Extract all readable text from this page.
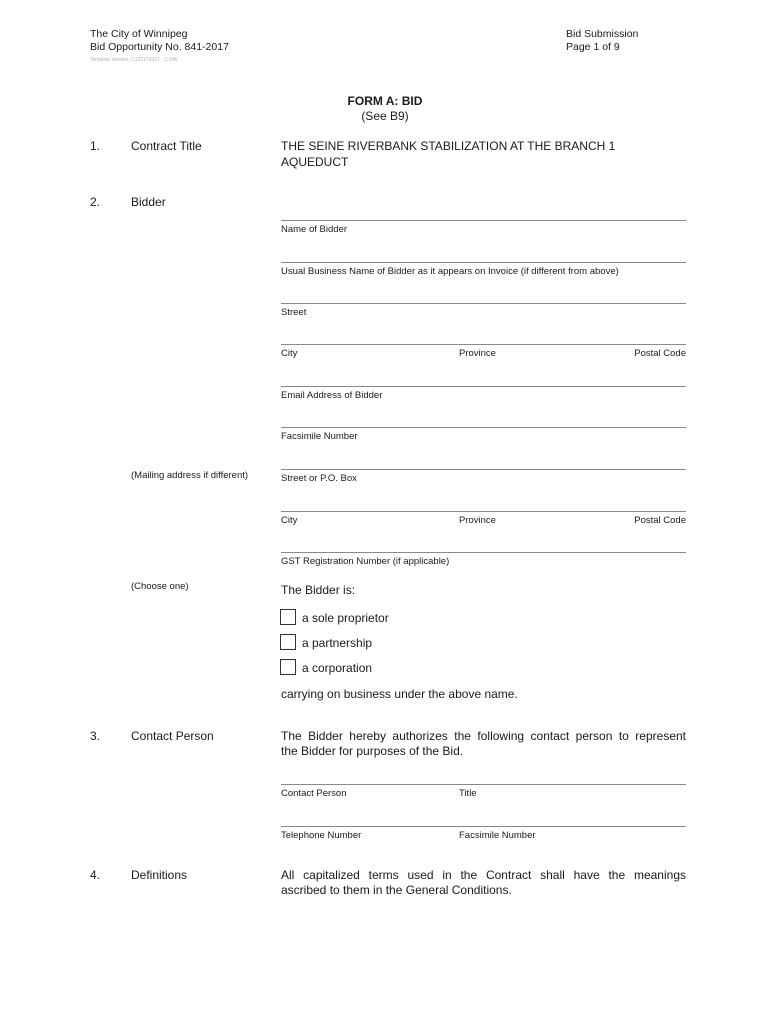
The City of Winnipeg
Bid Opportunity No. 841-2017
Template Version: C120170317 - C RW
Bid Submission
Page 1 of 9
FORM A: BID
(See B9)
1.	Contract Title	THE SEINE RIVERBANK STABILIZATION AT THE BRANCH 1
AQUEDUCT
2.	Bidder
Name of Bidder
Usual Business Name of Bidder as it appears on Invoice (if different from above)
Street
City	Province	Postal Code
Email Address of Bidder
Facsimile Number
(Mailing address if different)	Street or P.O. Box
City	Province	Postal Code
GST Registration Number (if applicable)
(Choose one)	The Bidder is:
a sole proprietor
a partnership
a corporation
carrying on business under the above name.
3.	Contact Person	The Bidder hereby authorizes the following contact person to represent
the Bidder for purposes of the Bid.
Contact Person	Title
Telephone Number	Facsimile Number
4.	Definitions	All capitalized terms used in the Contract shall have the meanings
ascribed to them in the General Conditions.
